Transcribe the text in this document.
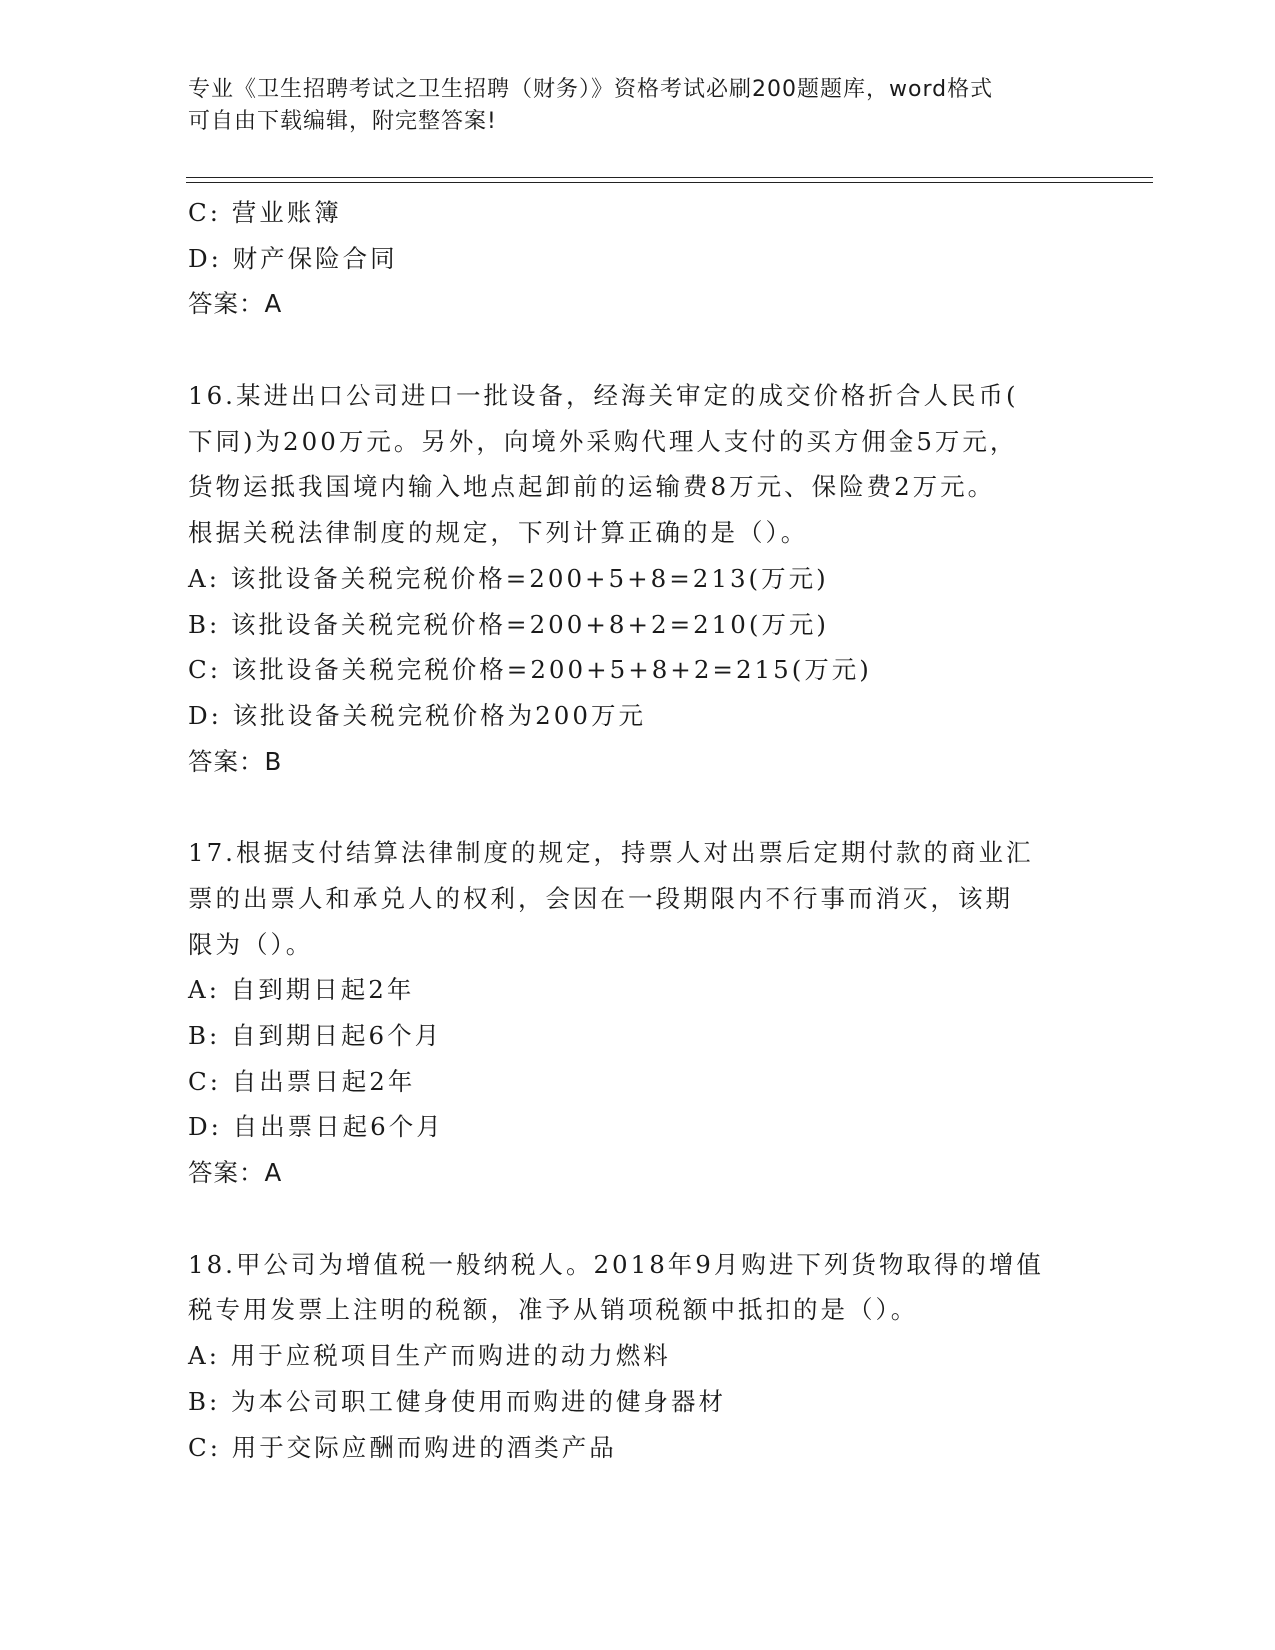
专业《卫生招聘考试之卫生招聘（财务）》资格考试必刷200题题库，word格式
可自由下载编辑，附完整答案!
C: 营业账簿
D: 财产保险合同
答案：A
16.某进出口公司进口一批设备，经海关审定的成交价格折合人民币(
下同)为200万元。另外，向境外采购代理人支付的买方佣金5万元，
货物运抵我国境内输入地点起卸前的运输费8万元、保险费2万元。
根据关税法律制度的规定，下列计算正确的是（）。
A: 该批设备关税完税价格=200+5+8=213(万元)
B: 该批设备关税完税价格=200+8+2=210(万元)
C: 该批设备关税完税价格=200+5+8+2=215(万元)
D: 该批设备关税完税价格为200万元
答案：B
17.根据支付结算法律制度的规定，持票人对出票后定期付款的商业汇
票的出票人和承兑人的权利，会因在一段期限内不行事而消灭，该期
限为（）。
A: 自到期日起2年
B: 自到期日起6个月
C: 自出票日起2年
D: 自出票日起6个月
答案：A
18.甲公司为增值税一般纳税人。2018年9月购进下列货物取得的增值
税专用发票上注明的税额，准予从销项税额中抵扣的是（）。
A: 用于应税项目生产而购进的动力燃料
B: 为本公司职工健身使用而购进的健身器材
C: 用于交际应酬而购进的酒类产品
